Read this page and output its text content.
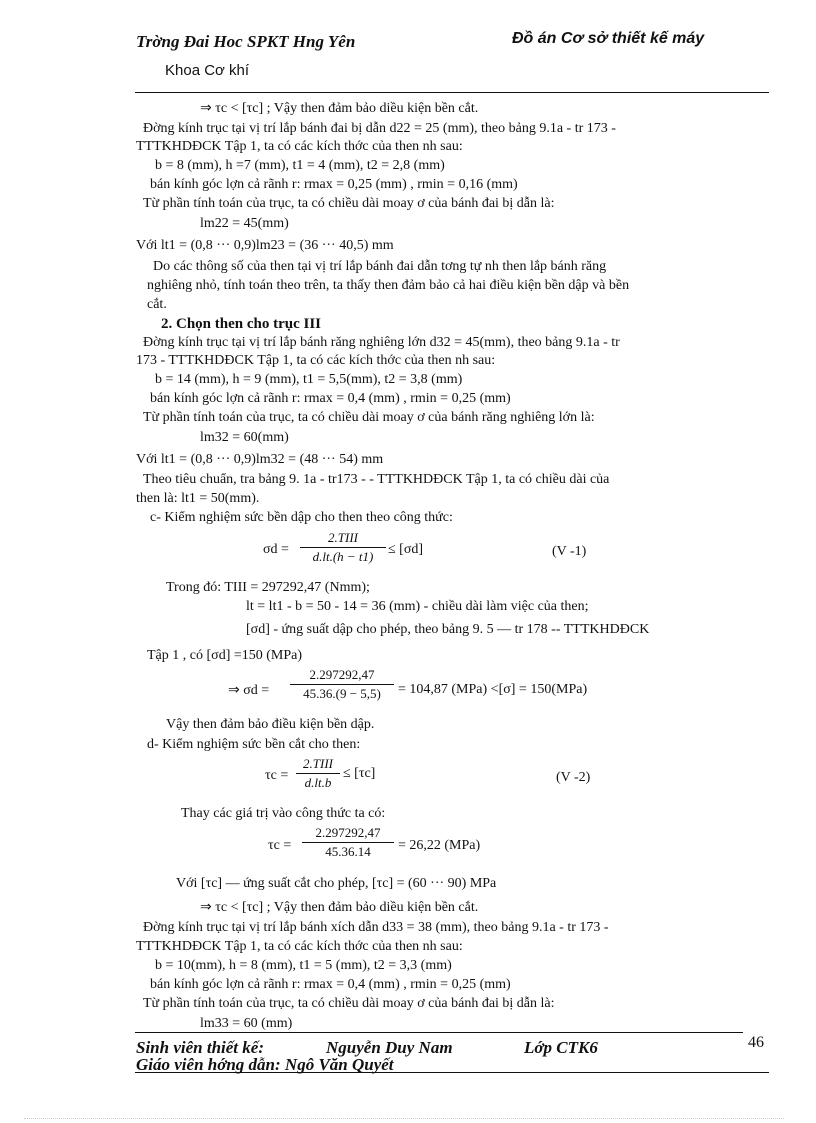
Trờng Đai Hoc SPKT Hng Yên	Đồ án Cơ sở thiết kế máy
Khoa Cơ khí
⇒ τc < [τc] ; Vậy then đảm bảo diều kiện bền cắt.
Đờng kính trục tại vị trí lắp bánh đai bị dẫn d22 = 25 (mm), theo bảng 9.1a - tr 173 -
TTTKHDĐCK Tập 1, ta có các kích thớc của then nh sau:
b = 8 (mm), h =7 (mm), t1 = 4 (mm), t2 = 2,8 (mm)
bán kính góc lợn cả rãnh r: rmax = 0,25 (mm) , rmin = 0,16 (mm)
Từ phần tính toán của trục, ta có chiều dài moay ơ của bánh đai bị dẫn là:
lm22 = 45(mm)
Với lt1 = (0,8 ··· 0,9)lm23 = (36 ··· 40,5) mm
Do các thông số của then tại vị trí lắp bánh đai dẫn tơng tự nh then lắp bánh răng
nghiêng nhỏ, tính toán theo trên, ta thấy then đảm bảo cả hai điều kiện bền dập và bền
cắt.
2. Chọn then cho trục III
Đờng kính trục tại vị trí lắp bánh răng nghiêng lớn d32 = 45(mm), theo bảng 9.1a - tr
173 - TTTKHDĐCK Tập 1, ta có các kích thớc của then nh sau:
b = 14 (mm), h = 9 (mm), t1 = 5,5(mm), t2 = 3,8 (mm)
bán kính góc lợn cả rãnh r: rmax = 0,4 (mm) , rmin = 0,25 (mm)
Từ phần tính toán của trục, ta có chiều dài moay ơ của bánh răng nghiêng lớn là:
lm32 = 60(mm)
Với lt1 = (0,8 ··· 0,9)lm32 = (48 ··· 54) mm
Theo tiêu chuẩn, tra bảng 9. 1a - tr173 - - TTTKHDĐCK Tập 1, ta có chiều dài của
then là: lt1 = 50(mm).
c- Kiểm nghiệm sức bền dập cho then theo công thức:
σd =
2.TIII
d.lt.(h − t1)	≤ [σd]	(V -1)
Trong đó: TIII = 297292,47 (Nmm);
lt = lt1 - b = 50 - 14 = 36 (mm) - chiều dài làm việc của then;
[σd] - ứng suất dập cho phép, theo bảng 9. 5 — tr 178 -- TTTKHDĐCK
Tập 1 , có [σd] =150 (MPa)
⇒ $\sigma d = \frac{2.297292,47}{45.36.(9 - 5,5)} = 104,87$ (MPa) <[σ] = 150(MPa)
Vậy then đảm bảo điều kiện bền dập.
d- Kiểm nghiệm sức bền cắt cho then:
τc =
2.TIII
d.lt.b
≤ [τc]	(V -2)
Thay các giá trị vào công thức ta có:
$\tau c = \frac{2.297292,47}{45.36.14} = 26,22$ (MPa)
Với [τc] — ứng suất cắt cho phép, [τc] = (60 ··· 90) MPa
⇒ τc < [τc] ; Vậy then đảm bảo diều kiện bền cắt.
Đờng kính trục tại vị trí lắp bánh xích dẫn d33 = 38 (mm), theo bảng 9.1a - tr 173 -
TTTKHDĐCK Tập 1, ta có các kích thớc của then nh sau:
b = 10(mm), h = 8 (mm), t1 = 5 (mm), t2 = 3,3 (mm)
bán kính góc lợn cả rãnh r: rmax = 0,4 (mm) , rmin = 0,25 (mm)
Từ phần tính toán của trục, ta có chiều dài moay ơ của bánh đai bị dẫn là:
lm33 = 60 (mm)
Sinh viên thiết kế:	Nguyễn Duy Nam	Lớp CTK6
Giáo viên hớng dẫn: Ngô Văn Quyết
46
